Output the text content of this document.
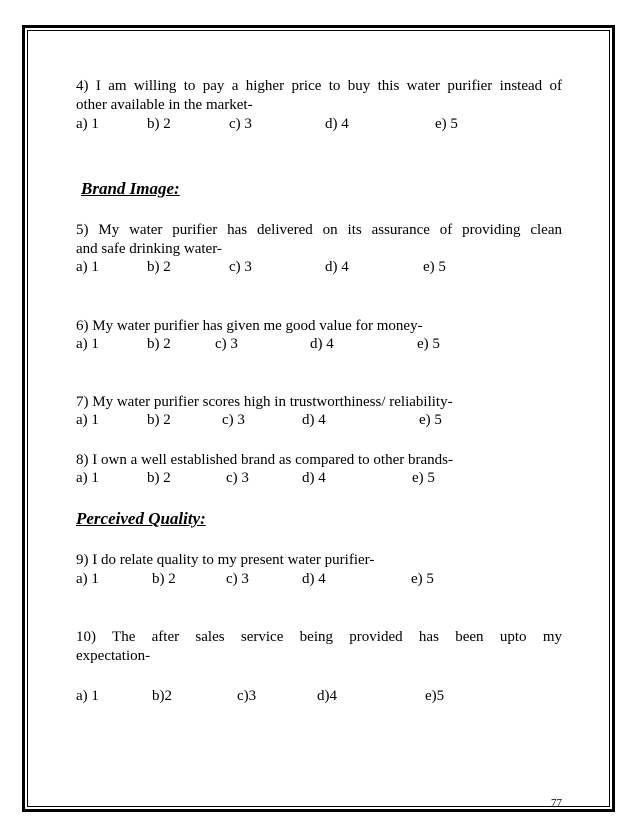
4) I am willing to pay a higher price to buy this water purifier instead of
other available in the market-
a) 1	b) 2	c) 3	d) 4	e) 5
Brand Image:
5) My water purifier has delivered on its assurance of providing clean
and safe drinking water-
a) 1	b) 2	c) 3	d) 4	e) 5
6) My water purifier has given me good value for money-
a) 1	b) 2	c) 3	d) 4	e) 5
7) My water purifier scores high in trustworthiness/ reliability-
a) 1	b) 2	c) 3	d) 4	e) 5
8) I own a well established brand as compared to other brands-
a) 1	b) 2	c) 3	d) 4	e) 5
Perceived Quality:
9) I do relate quality to my present water purifier-
a) 1	b) 2	c) 3	d) 4	e) 5
10) The after sales service being provided has been upto my
expectation-
a) 1	b)2	c)3	d)4	e)5
77
